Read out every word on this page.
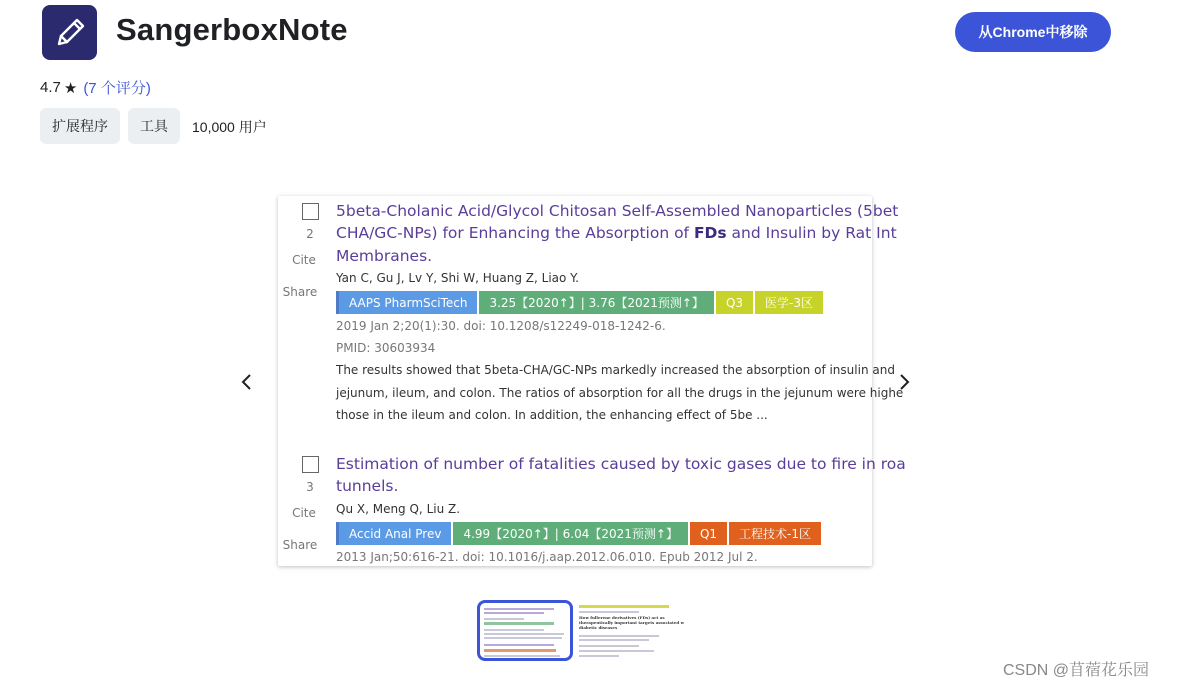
SangerboxNote	从Chrome中移除
4.7 ★ (7 个评分)
扩展程序	工具	10,000 用户
2
Cite
Share
5beta-Cholanic Acid/Glycol Chitosan Self-Assembled Nanoparticles (5bet
CHA/GC-NPs) for Enhancing the Absorption of FDs and Insulin by Rat Int
Membranes.
Yan C, Gu J, Lv Y, Shi W, Huang Z, Liao Y.
AAPS PharmSciTech	3.25【2020↑】| 3.76【2021预测↑】	Q3	医学-3区
2019 Jan 2;20(1):30. doi: 10.1208/s12249-018-1242-6.
PMID: 30603934
The results showed that 5beta-CHA/GC-NPs markedly increased the absorption of insulin and
jejunum, ileum, and colon. The ratios of absorption for all the drugs in the jejunum were highe
those in the ileum and colon. In addition, the enhancing effect of 5be ...
3
Cite
Share
Estimation of number of fatalities caused by toxic gases due to fire in roa
tunnels.
Qu X, Meng Q, Liu Z.
Accid Anal Prev	4.99【2020↑】| 6.04【2021预测↑】	Q1	工程技术-1区
2013 Jan;50:616-21. doi: 10.1016/j.aap.2012.06.010. Epub 2012 Jul 2.
How fullerene derivatives (FDs) act as
therapeutically important targets associated w
diabetic diseases
CSDN @苜蓿花乐园
